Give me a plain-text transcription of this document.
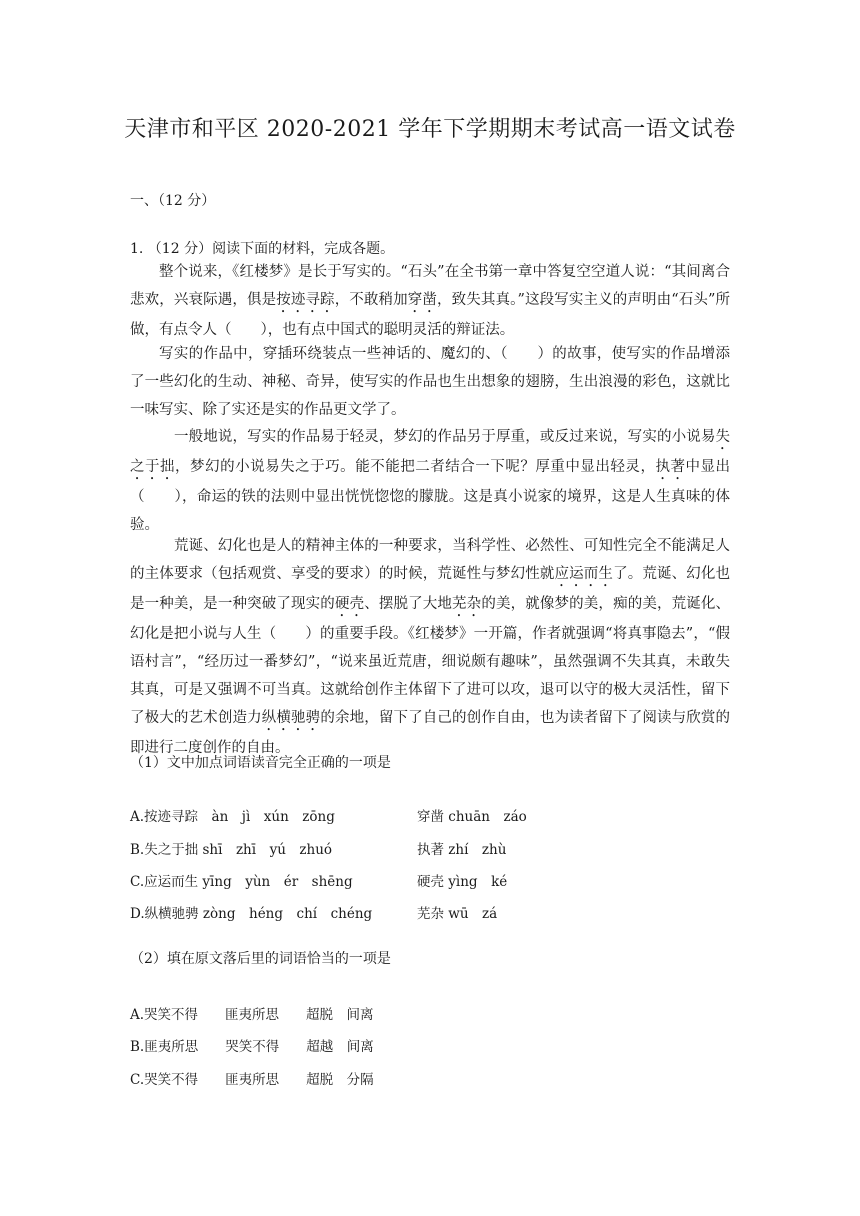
天津市和平区 2020-2021 学年下学期期末考试高一语文试卷
一、（12 分）
1. （12 分）阅读下面的材料，完成各题。
整个说来，《红楼梦》是长于写实的。“石头”在全书第一章中答复空空道人说：“其间离合悲欢，兴衰际遇，俱是按迹寻踪，不敢稍加穿凿，致失其真。”这段写实主义的声明由“石头”所做，有点令人（　　），也有点中国式的聪明灵活的辩证法。
写实的作品中，穿插环绕装点一些神话的、魔幻的、（　　）的故事，使写实的作品增添了一些幻化的生动、神秘、奇异，使写实的作品也生出想象的翅膀，生出浪漫的彩色，这就比一味写实、除了实还是实的作品更文学了。
一般地说，写实的作品易于轻灵，梦幻的作品另于厚重，或反过来说，写实的小说易失之于拙，梦幻的小说易失之于巧。能不能把二者结合一下呢？厚重中显出轻灵，执著中显出（　　），命运的铁的法则中显出恍恍惚惚的朦胧。这是真小说家的境界，这是人生真味的体验。
荒诞、幻化也是人的精神主体的一种要求，当科学性、必然性、可知性完全不能满足人的主体要求（包括观赏、享受的要求）的时候，荒诞性与梦幻性就应运而生了。荒诞、幻化也是一种美，是一种突破了现实的硬壳、摆脱了大地芜杂的美，就像梦的美，痴的美，荒诞化、幻化是把小说与人生（　　）的重要手段。《红楼梦》一开篇，作者就强调“将真事隐去”，“假语村言”，“经历过一番梦幻”，“说来虽近荒唐，细说颇有趣味”，虽然强调不失其真，未敢失其真，可是又强调不可当真。这就给创作主体留下了进可以攻，退可以守的极大灵活性，留下了极大的艺术创造力纵横驰骋的余地，留下了自己的创作自由，也为读者留下了阅读与欣赏的即进行二度创作的自由。
（1）文中加点词语读音完全正确的一项是
A.按迹寻踪　àn　jì　xún　zōng	穿凿 chuān　záo
B.失之于拙 shī　zhī　yú　zhuó	执著 zhí　zhù
C.应运而生 yīng　yùn　ér　shēng	硬壳 yìng　ké
D.纵横驰骋 zòng　héng　chí　chéng	芜杂 wū　zá
（2）填在原文落后里的词语恰当的一项是
A.哭笑不得　　匪夷所思　　超脱　间离
B.匪夷所思　　哭笑不得　　超越　间离
C.哭笑不得　　匪夷所思　　超脱　分隔
